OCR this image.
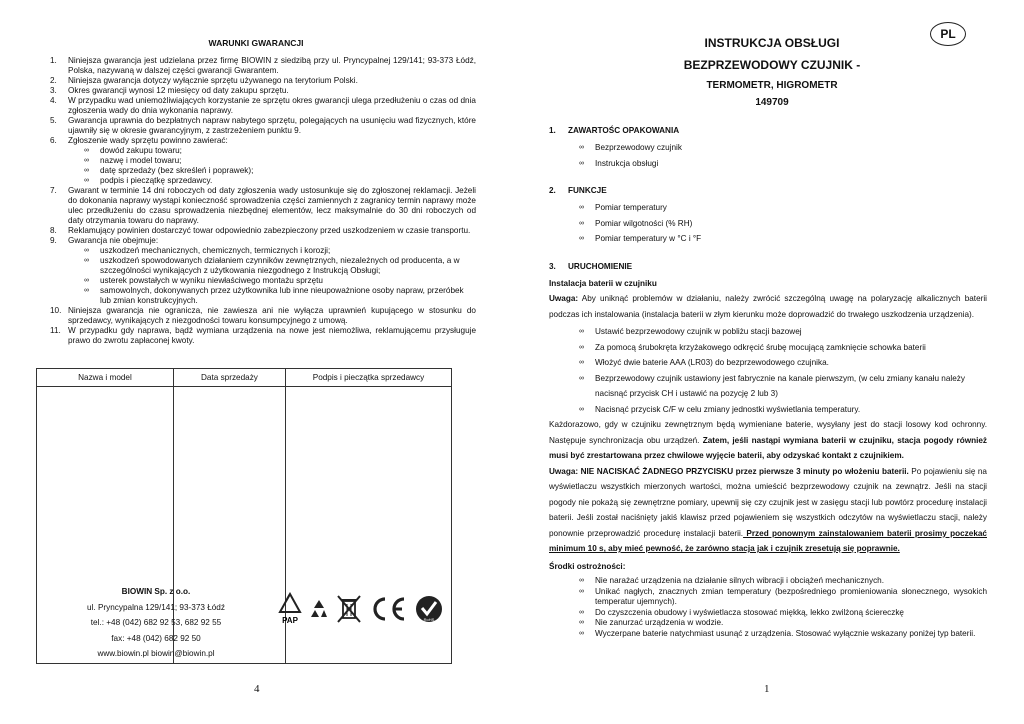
WARUNKI GWARANCJI
1. Niniejsza gwarancja jest udzielana przez firmę BIOWIN z siedzibą przy ul. Pryncypalnej 129/141; 93-373 Łódź, Polska, nazywaną w dalszej części gwarancji Gwarantem.
2. Niniejsza gwarancja dotyczy wyłącznie sprzętu używanego na terytorium Polski.
3. Okres gwarancji wynosi 12 miesięcy od daty zakupu sprzętu.
4. W przypadku wad uniemożliwiających korzystanie ze sprzętu okres gwarancji ulega przedłużeniu o czas od dnia zgłoszenia wady do dnia wykonania naprawy.
5. Gwarancja uprawnia do bezpłatnych napraw nabytego sprzętu, polegających na usunięciu wad fizycznych, które ujawniły się w okresie gwarancyjnym, z zastrzeżeniem punktu 9.
6. Zgłoszenie wady sprzętu powinno zawierać:
∞ dowód zakupu towaru;
∞ nazwę i model towaru;
∞ datę sprzedaży (bez skreśleń i poprawek);
∞ podpis i pieczątkę sprzedawcy.
7. Gwarant w terminie 14 dni roboczych od daty zgłoszenia wady ustosunkuje się do zgłoszonej reklamacji. Jeżeli do dokonania naprawy wystąpi konieczność sprowadzenia części zamiennych z zagranicy termin naprawy może ulec przedłużeniu do czasu sprowadzenia niezbędnej elementów, lecz maksymalnie do 30 dni roboczych od daty otrzymania towaru do naprawy.
8. Reklamujący powinien dostarczyć towar odpowiednio zabezpieczony przed uszkodzeniem w czasie transportu.
9. Gwarancja nie obejmuje:
∞ uszkodzeń mechanicznych, chemicznych, termicznych i korozji;
∞ uszkodzeń spowodowanych działaniem czynników zewnętrznych, niezależnych od producenta, a w szczególności wynikających z użytkowania niezgodnego z Instrukcją Obsługi;
∞ usterek powstałych w wyniku niewłaściwego montażu sprzętu
∞ samowolnych, dokonywanych przez użytkownika lub inne nieupoważnione osoby napraw, przeróbek lub zmian konstrukcyjnych.
10. Niniejsza gwarancja nie ogranicza, nie zawiesza ani nie wyłącza uprawnień kupującego w stosunku do sprzedawcy, wynikających z niezgodności towaru konsumpcyjnego z umową.
11. W przypadku gdy naprawa, bądź wymiana urządzenia na nowe jest niemożliwa, reklamującemu przysługuje prawo do zwrotu zapłaconej kwoty.
Nazwa i model	Data sprzedaży	Podpis i pieczątka sprzedawcy

BIOWIN Sp. z o.o.
ul. Pryncypalna 129/141; 93-373 Łódź
tel.: +48 (042) 682 92 53, 682 92 55
fax: +48 (042) 682 92 50
www.biowin.pl biowin@biowin.pl
PAP	RoHS
4
PL
INSTRUKCJA OBSŁUGI
BEZPRZEWODOWY CZUJNIK -
TERMOMETR, HIGROMETR
149709
1. ZAWARTOŚC OPAKOWANIA
∞ Bezprzewodowy czujnik
∞ Instrukcja obsługi
2. FUNKCJE
∞ Pomiar temperatury
∞ Pomiar wilgotności (% RH)
∞ Pomiar temperatury w °C i °F
3. URUCHOMIENIE
Instalacja baterii w czujniku
Uwaga: Aby uniknąć problemów w działaniu, należy zwrócić szczególną uwagę na polaryzację alkalicznych baterii podczas ich instalowania (instalacja baterii w złym kierunku może doprowadzić do trwałego uszkodzenia urządzenia).
∞ Ustawić bezprzewodowy czujnik w pobliżu stacji bazowej
∞ Za pomocą śrubokręta krzyżakowego odkręcić śrubę mocującą zamknięcie schowka baterii
∞ Włożyć dwie baterie AAA (LR03) do bezprzewodowego czujnika.
∞ Bezprzewodowy czujnik ustawiony jest fabrycznie na kanale pierwszym, (w celu zmiany kanału należy nacisnąć przycisk CH i ustawić na pozycję 2 lub 3)
∞ Nacisnąć przycisk C/F w celu zmiany jednostki wyświetlania temperatury.
Każdorazowo, gdy w czujniku zewnętrznym będą wymieniane baterie, wysyłany jest do stacji losowy kod ochronny. Następuje synchronizacja obu urządzeń. Zatem, jeśli nastąpi wymiana baterii w czujniku, stacja pogody również musi być zrestartowana przez chwilowe wyjęcie baterii, aby odzyskać kontakt z czujnikiem.
Uwaga: NIE NACISKAĆ ŻADNEGO PRZYCISKU przez pierwsze 3 minuty po włożeniu baterii. Po pojawieniu się na wyświetlaczu wszystkich mierzonych wartości, można umieścić bezprzewodowy czujnik na zewnątrz. Jeśli na stacji pogody nie pokażą się zewnętrzne pomiary, upewnij się czy czujnik jest w zasięgu stacji lub powtórz procedurę instalacji baterii. Jeśli został naciśnięty jakiś klawisz przed pojawieniem się wszystkich odczytów na wyświetlaczu stacji, należy ponownie przeprowadzić procedurę instalacji baterii. Przed ponownym zainstalowaniem baterii prosimy poczekać minimum 10 s, aby mieć pewność, że zarówno stacja jak i czujnik zresetują się poprawnie.
Środki ostrożności:
∞ Nie narażać urządzenia na działanie silnych wibracji i obciążeń mechanicznych.
∞ Unikać nagłych, znacznych zmian temperatury (bezpośredniego promieniowania słonecznego, wysokich temperatur ujemnych).
∞ Do czyszczenia obudowy i wyświetlacza stosować miękką, lekko zwilżoną ściereczkę
∞ Nie zanurzać urządzenia w wodzie.
∞ Wyczerpane baterie natychmiast usunąć z urządzenia. Stosować wyłącznie wskazany poniżej typ baterii.
1
